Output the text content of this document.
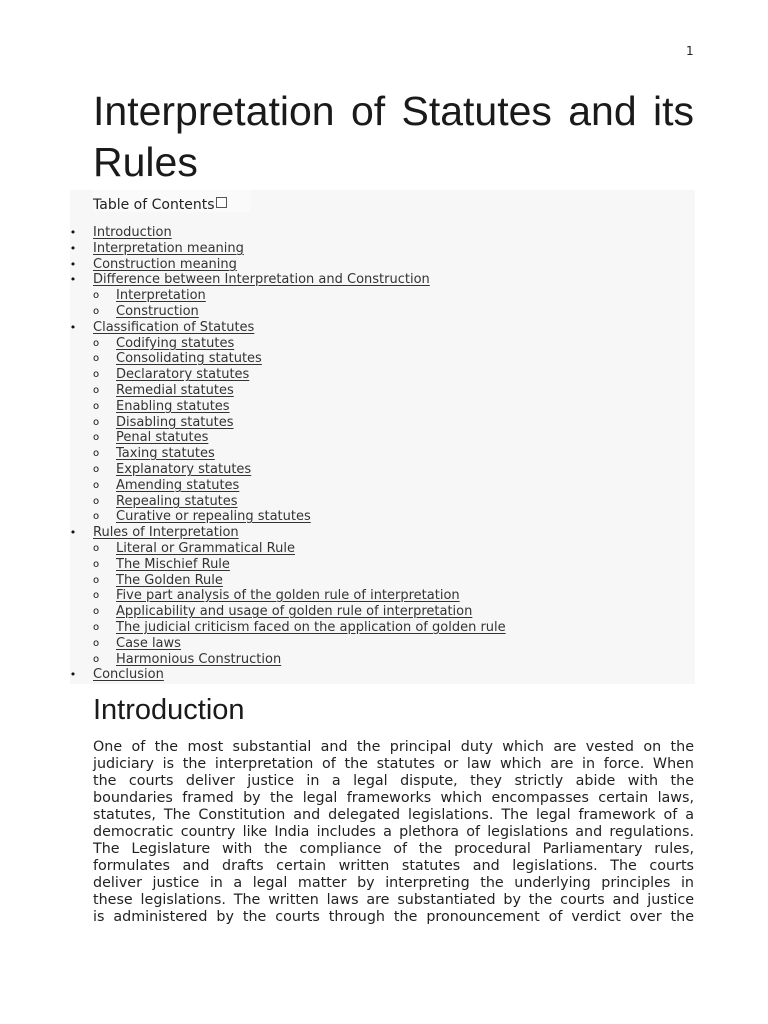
1
Interpretation of Statutes and its Rules
Table of Contents
• Introduction
• Interpretation meaning
• Construction meaning
• Difference between Interpretation and Construction
o	Interpretation
o	Construction
• Classification of Statutes
o	Codifying statutes
o	Consolidating statutes
o	Declaratory statutes
o	Remedial statutes
o	Enabling statutes
o	Disabling statutes
o	Penal statutes
o	Taxing statutes
o	Explanatory statutes
o	Amending statutes
o	Repealing statutes
o	Curative or repealing statutes
• Rules of Interpretation
o	Literal or Grammatical Rule
o	The Mischief Rule
o	The Golden Rule
o	Five part analysis of the golden rule of interpretation
o	Applicability and usage of golden rule of interpretation
o	The judicial criticism faced on the application of golden rule
o	Case laws
o	Harmonious Construction
• Conclusion
Introduction
One of the most substantial and the principal duty which are vested on the
judiciary is the interpretation of the statutes or law which are in force. When
the courts deliver justice in a legal dispute, they strictly abide with the
boundaries framed by the legal frameworks which encompasses certain laws,
statutes, The Constitution and delegated legislations. The legal framework of a
democratic country like India includes a plethora of legislations and regulations.
The Legislature with the compliance of the procedural Parliamentary rules,
formulates and drafts certain written statutes and legislations. The courts
deliver justice in a legal matter by interpreting the underlying principles in
these legislations. The written laws are substantiated by the courts and justice
is administered by the courts through the pronouncement of verdict over the
